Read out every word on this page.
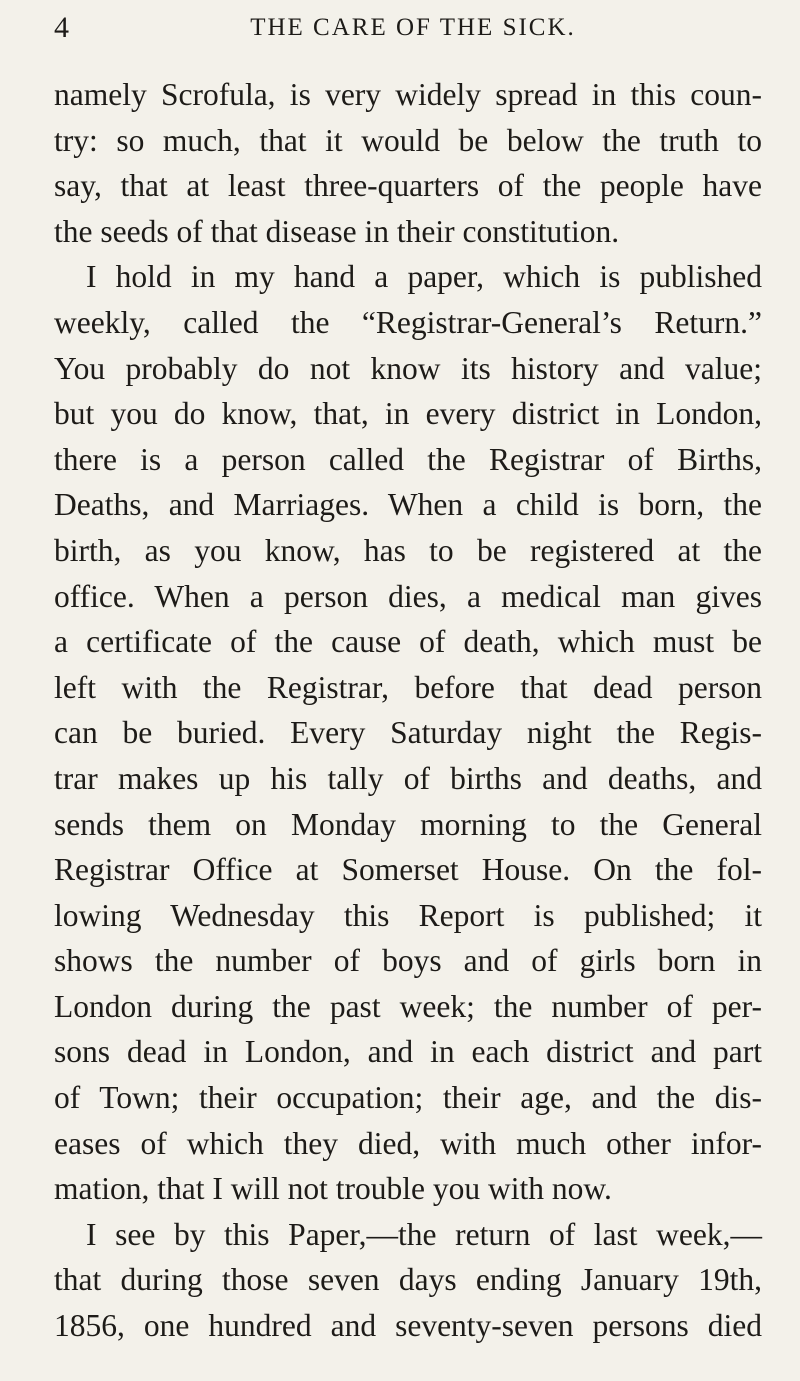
4	THE CARE OF THE SICK.
namely Scrofula, is very widely spread in this coun-
try: so much, that it would be below the truth to
say, that at least three-quarters of the people have
the seeds of that disease in their constitution.
I hold in my hand a paper, which is published
weekly, called the “Registrar-General’s Return.”
You probably do not know its history and value;
but you do know, that, in every district in London,
there is a person called the Registrar of Births,
Deaths, and Marriages. When a child is born, the
birth, as you know, has to be registered at the
office. When a person dies, a medical man gives
a certificate of the cause of death, which must be
left with the Registrar, before that dead person
can be buried. Every Saturday night the Regis-
trar makes up his tally of births and deaths, and
sends them on Monday morning to the General
Registrar Office at Somerset House. On the fol-
lowing Wednesday this Report is published; it
shows the number of boys and of girls born in
London during the past week; the number of per-
sons dead in London, and in each district and part
of Town; their occupation; their age, and the dis-
eases of which they died, with much other infor-
mation, that I will not trouble you with now.
I see by this Paper,—the return of last week,—
that during those seven days ending January 19th,
1856, one hundred and seventy-seven persons died
